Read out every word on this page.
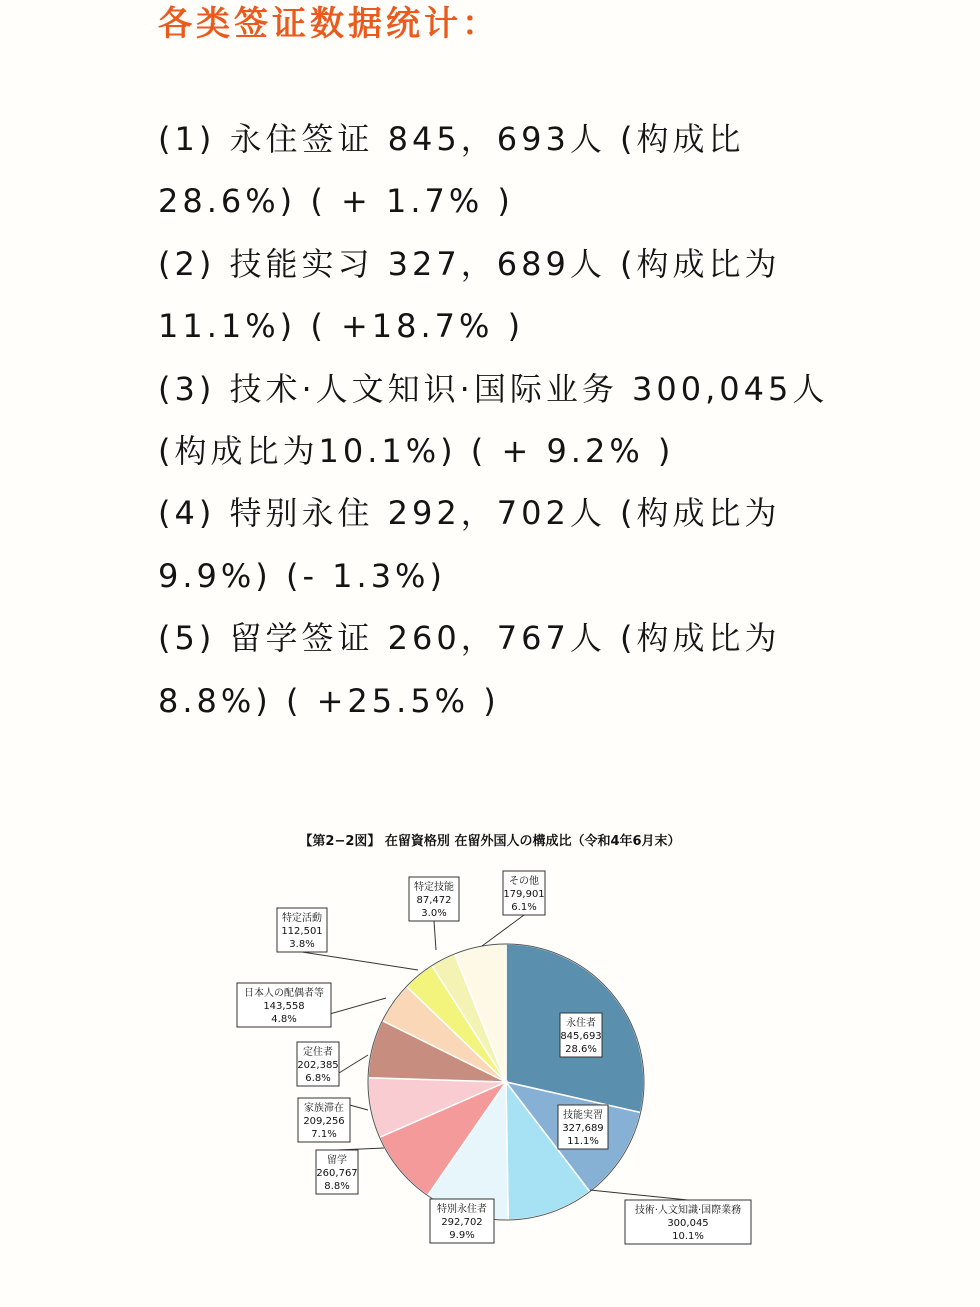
各类签证数据统计：

(1) 永住签证 845，693人 (构成比28.6%) ( + 1.7% )

(2) 技能实习 327，689人 (构成比为11.1%) ( +18.7% )

(3) 技术·人文知识·国际业务 300,045人 (构成比为10.1%) ( + 9.2% )

(4) 特别永住 292，702人 (构成比为9.9%) (- 1.3%)

(5) 留学签证 260，767人 (构成比为8.8%) ( +25.5% )

【第2−2図】 在留資格別 在留外国人の構成比（令和4年6月末）
永住者
845,693
28.6%
技能実習
327,689
11.1%
技術·人文知識·国際業務
300,045
10.1%
特別永住者
292,702
9.9%
留学
260,767
8.8%
家族滞在
209,256
7.1%
定住者
202,385
6.8%
日本人の配偶者等
143,558
4.8%
特定活動
112,501
3.8%
特定技能
87,472
3.0%
その他
179,901
6.1%
